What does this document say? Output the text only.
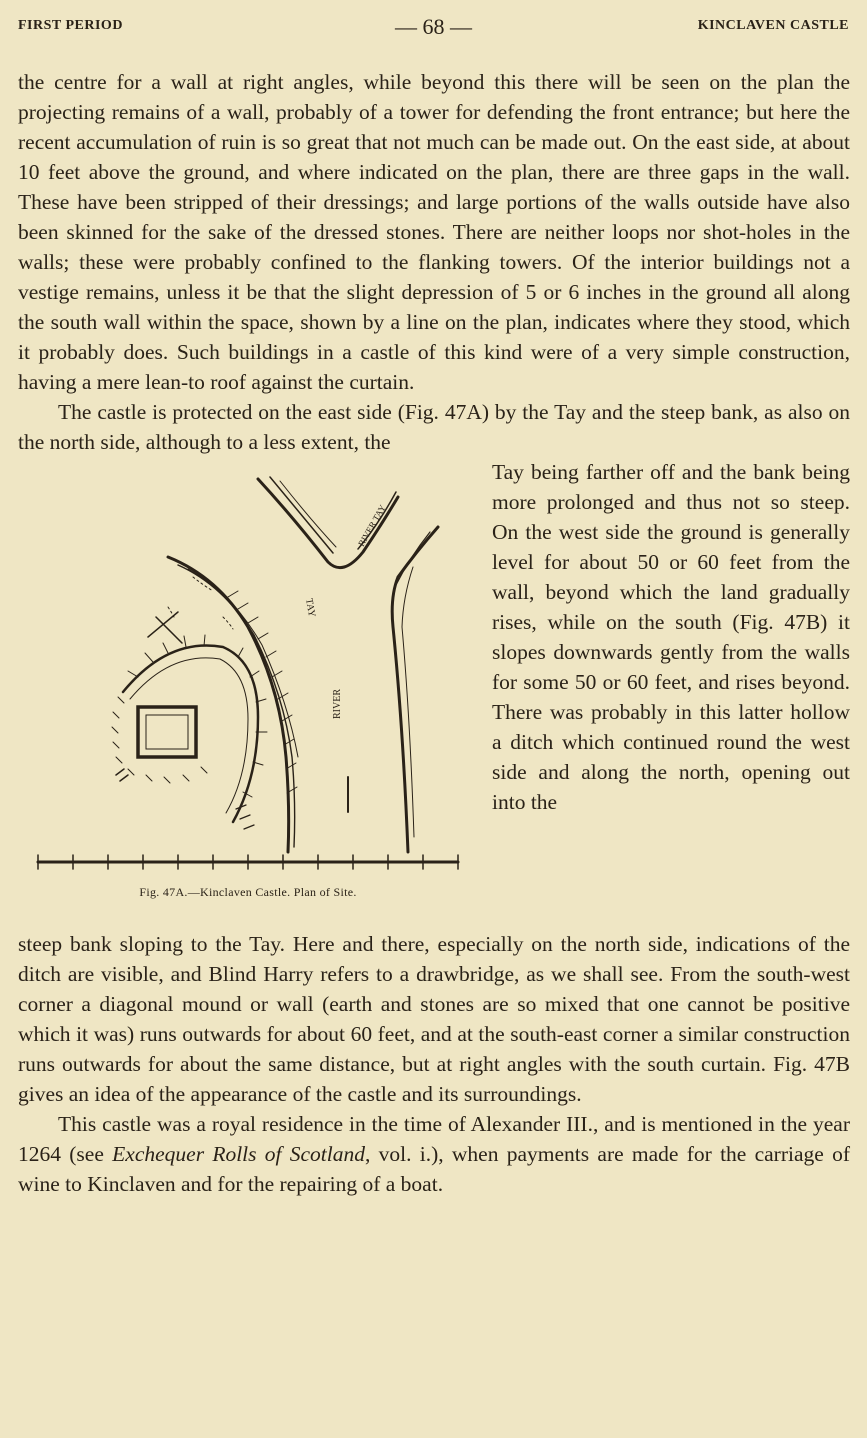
FIRST PERIOD	— 68 —	KINCLAVEN CASTLE

the centre for a wall at right angles, while beyond this there will be seen on the plan the projecting remains of a wall, probably of a tower for defending the front entrance; but here the recent accumulation of ruin is so great that not much can be made out. On the east side, at about 10 feet above the ground, and where indicated on the plan, there are three gaps in the wall. These have been stripped of their dressings; and large portions of the walls outside have also been skinned for the sake of the dressed stones. There are neither loops nor shot-holes in the walls; these were probably confined to the flanking towers. Of the interior buildings not a vestige remains, unless it be that the slight depression of 5 or 6 inches in the ground all along the south wall within the space, shown by a line on the plan, indicates where they stood, which it probably does. Such buildings in a castle of this kind were of a very simple construction, having a mere lean-to roof against the curtain.

The castle is protected on the east side (Fig. 47A) by the Tay and the steep bank, as also on the north side, although to a less extent, the

RIVER TAY
TAY
RIVER
Fig. 47A.—Kinclaven Castle. Plan of Site.

Tay being farther off and the bank being more prolonged and thus not so steep. On the west side the ground is generally level for about 50 or 60 feet from the wall, beyond which the land gradually rises, while on the south (Fig. 47B) it slopes downwards gently from the walls for some 50 or 60 feet, and rises beyond. There was probably in this latter hollow a ditch which continued round the west side and along the north, opening out into the

steep bank sloping to the Tay. Here and there, especially on the north side, indications of the ditch are visible, and Blind Harry refers to a drawbridge, as we shall see. From the south-west corner a diagonal mound or wall (earth and stones are so mixed that one cannot be positive which it was) runs outwards for about 60 feet, and at the south-east corner a similar construction runs outwards for about the same distance, but at right angles with the south curtain. Fig. 47B gives an idea of the appearance of the castle and its surroundings.

This castle was a royal residence in the time of Alexander III., and is mentioned in the year 1264 (see Exchequer Rolls of Scotland, vol. i.), when payments are made for the carriage of wine to Kinclaven and for the repairing of a boat.
